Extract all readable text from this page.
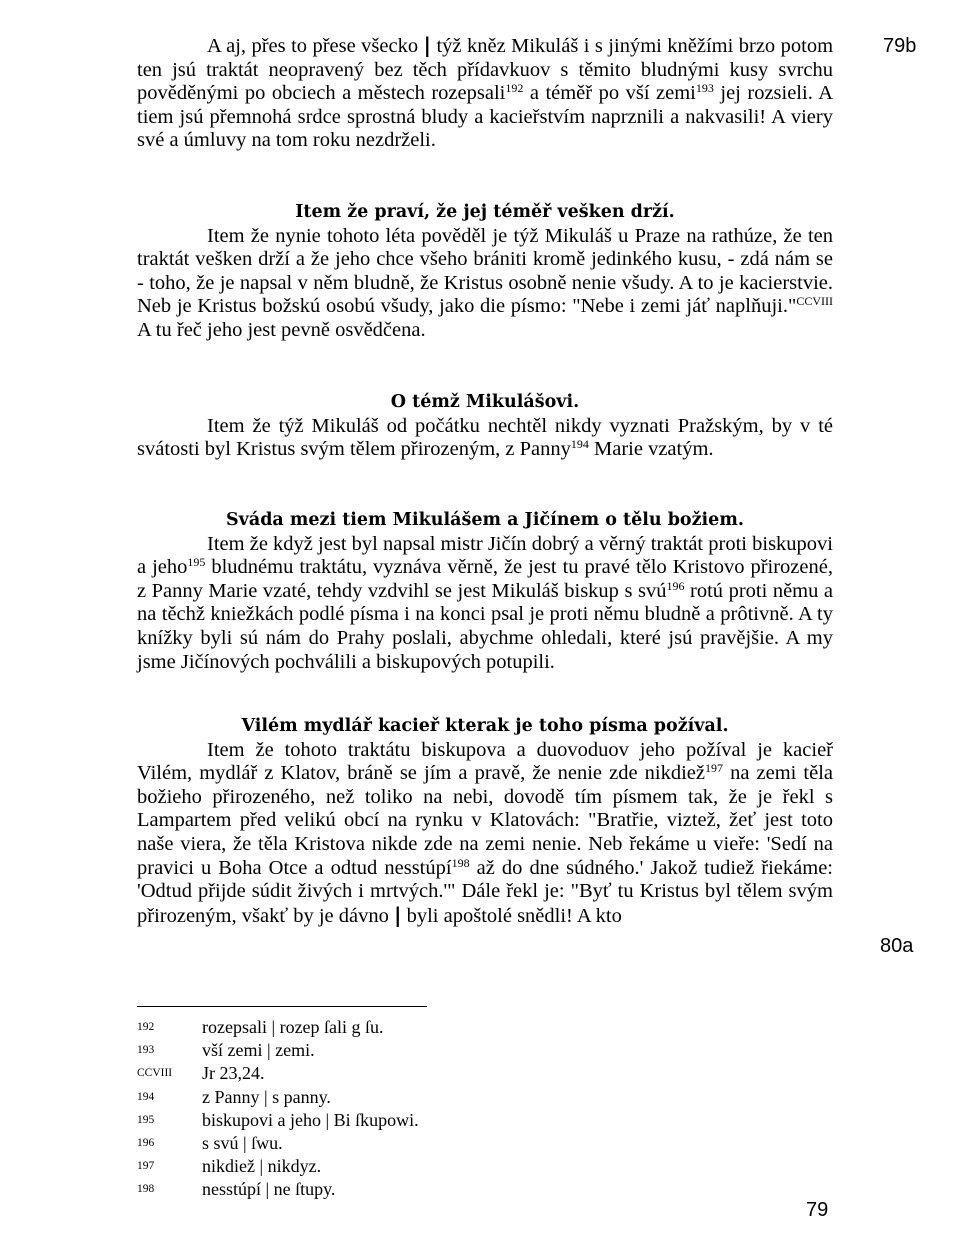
79b
80a

A aj, přes to přese všecko | týž kněz Mikuláš i s jinými kněžími brzo potom ten jsú traktát neopravený bez těch přídavkuov s těmito bludnými kusy svrchu pověděnými po obciech a městech rozepsali$^{192}$ a téměř po vší zemi$^{193}$ jej rozsieli. A tiem jsú přemnohá srdce sprostná bludy a kacieřstvím naprznili a nakvasili! A viery své a úmluvy na tom roku nezdrželi.

Item že praví, že jej téměř vešken drží.

Item že nynie tohoto léta pověděl je týž Mikuláš u Praze na rathúze, že ten traktát vešken drží a že jeho chce všeho brániti kromě jedinkého kusu, - zdá nám se - toho, že je napsal v něm bludně, že Kristus osobně nenie všudy. A to je kacierstvie. Neb je Kristus božskú osobú všudy, jako die písmo: "Nebe i zemi jáť naplňuji."$^{CCVIII}$ A tu řeč jeho jest pevně osvědčena.

O témž Mikulášovi.

Item že týž Mikuláš od počátku nechtěl nikdy vyznati Pražským, by v té svátosti byl Kristus svým tělem přirozeným, z Panny$^{194}$ Marie vzatým.

Sváda mezi tiem Mikulášem a Jičínem o tělu božiem.

Item že když jest byl napsal mistr Jičín dobrý a věrný traktát proti biskupovi a jeho$^{195}$ bludnému traktátu, vyznáva věrně, že jest tu pravé tělo Kristovo přirozené, z Panny Marie vzaté, tehdy vzdvihl se jest Mikuláš biskup s svú$^{196}$ rotú proti němu a na těchž kniežkách podlé písma i na konci psal je proti němu bludně a prôtivně. A ty knížky byli sú nám do Prahy poslali, abychme ohledali, které jsú pravějšie. A my jsme Jičínových pochválili a biskupových potupili.

Vilém mydlář kacieř kterak je toho písma požíval.

Item že tohoto traktátu biskupova a duovoduov jeho požíval je kacieř Vilém, mydlář z Klatov, bráně se jím a pravě, že nenie zde nikdiež$^{197}$ na zemi těla božieho přirozeného, než toliko na nebi, dovodě tím písmem tak, že je řekl s Lampartem před velikú obcí na rynku v Klatovách: "Bratřie, viztež, žeť jest toto naše viera, že těla Kristova nikde zde na zemi nenie. Neb řekáme u vieře: 'Sedí na pravici u Boha Otce a odtud nesstúpí$^{198}$ až do dne súdného.' Jakož tudiež řiekáme: 'Odtud přijde súdit živých i mrtvých.'" Dále řekl je: "Byť tu Kristus byl tělem svým přirozeným, všakť by je dávno | byli apoštolé snědli! A kto

192	rozepsali | rozep ſali g ſu.
193	vší zemi | zemi.
CCVIII Jr 23,24.
194	z Panny | s panny.
195	biskupovi a jeho | Bi ſkupowi.
196	s svú | ſwu.
197	nikdiež | nikdyz.
198	nesstúpí | ne ſtupy.
79
